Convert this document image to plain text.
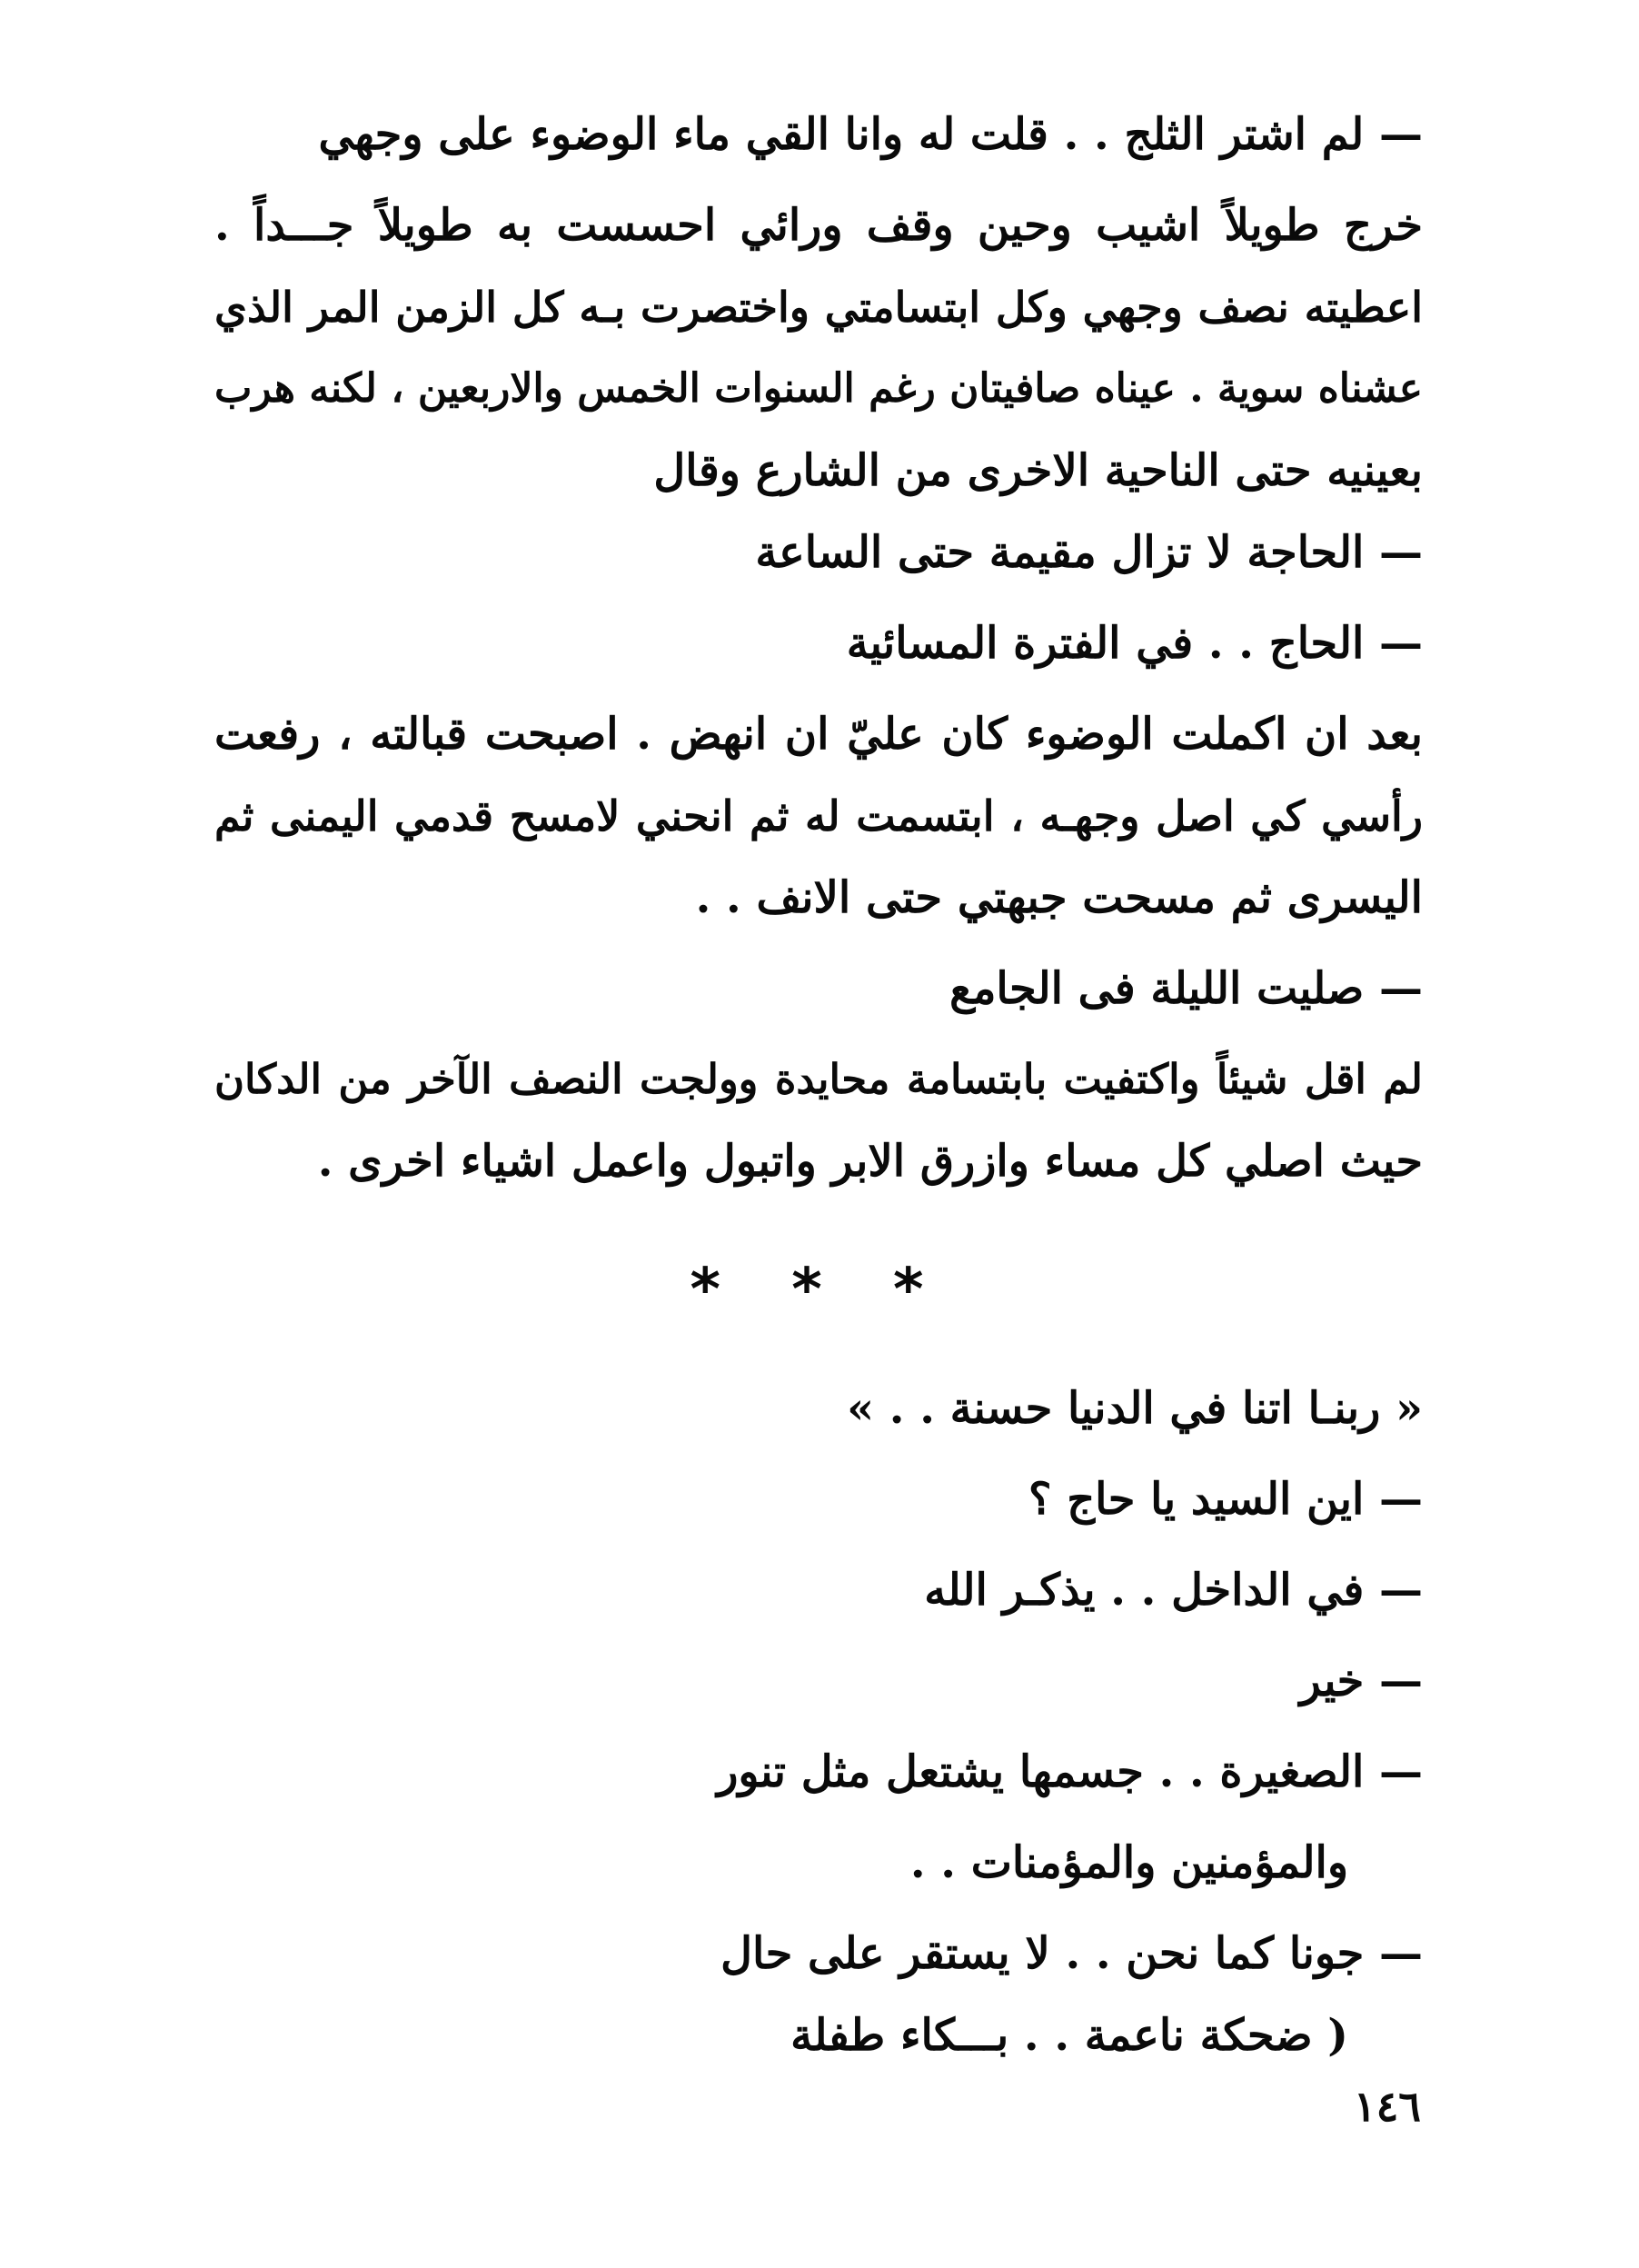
— لم اشتر الثلج . . قلت له وانا القي ماء الوضوء على وجهي
خرج طويلاً اشيب وحين وقف ورائي احسست به طويلاً جـــداً .
اعطيته نصف وجهي وكل ابتسامتي واختصرت بـه كل الزمن المر الذي
عشناه سوية . عيناه صافيتان رغم السنوات الخمس والاربعين ، لكنه هرب
بعينيه حتى الناحية الاخرى من الشارع وقال
— الحاجة لا تزال مقيمة حتى الساعة
— الحاج . . في الفترة المسائية
بعد ان اكملت الوضوء كان عليّ ان انهض . اصبحت قبالته ، رفعت
رأسي كي اصل وجهـه ، ابتسمت له ثم انحني لامسح قدمي اليمنى ثم
اليسرى ثم مسحت جبهتي حتى الانف . .
— صليت الليلة فى الجامع
لم اقل شيئاً واكتفيت بابتسامة محايدة وولجت النصف الآخر من الدكان
حيث اصلي كل مساء وازرق الابر واتبول واعمل اشياء اخرى .
* * *
« ربنـا اتنا في الدنيا حسنة . . »
— اين السيد يا حاج ؟
— في الداخل . . يذكـر الله
— خير
— الصغيرة . . جسمها يشتعل مثل تنور
والمؤمنين والمؤمنات . .
— جونا كما نحن . . لا يستقر على حال
( ضحكة ناعمة . . بـــكاء طفلة
١٤٦
